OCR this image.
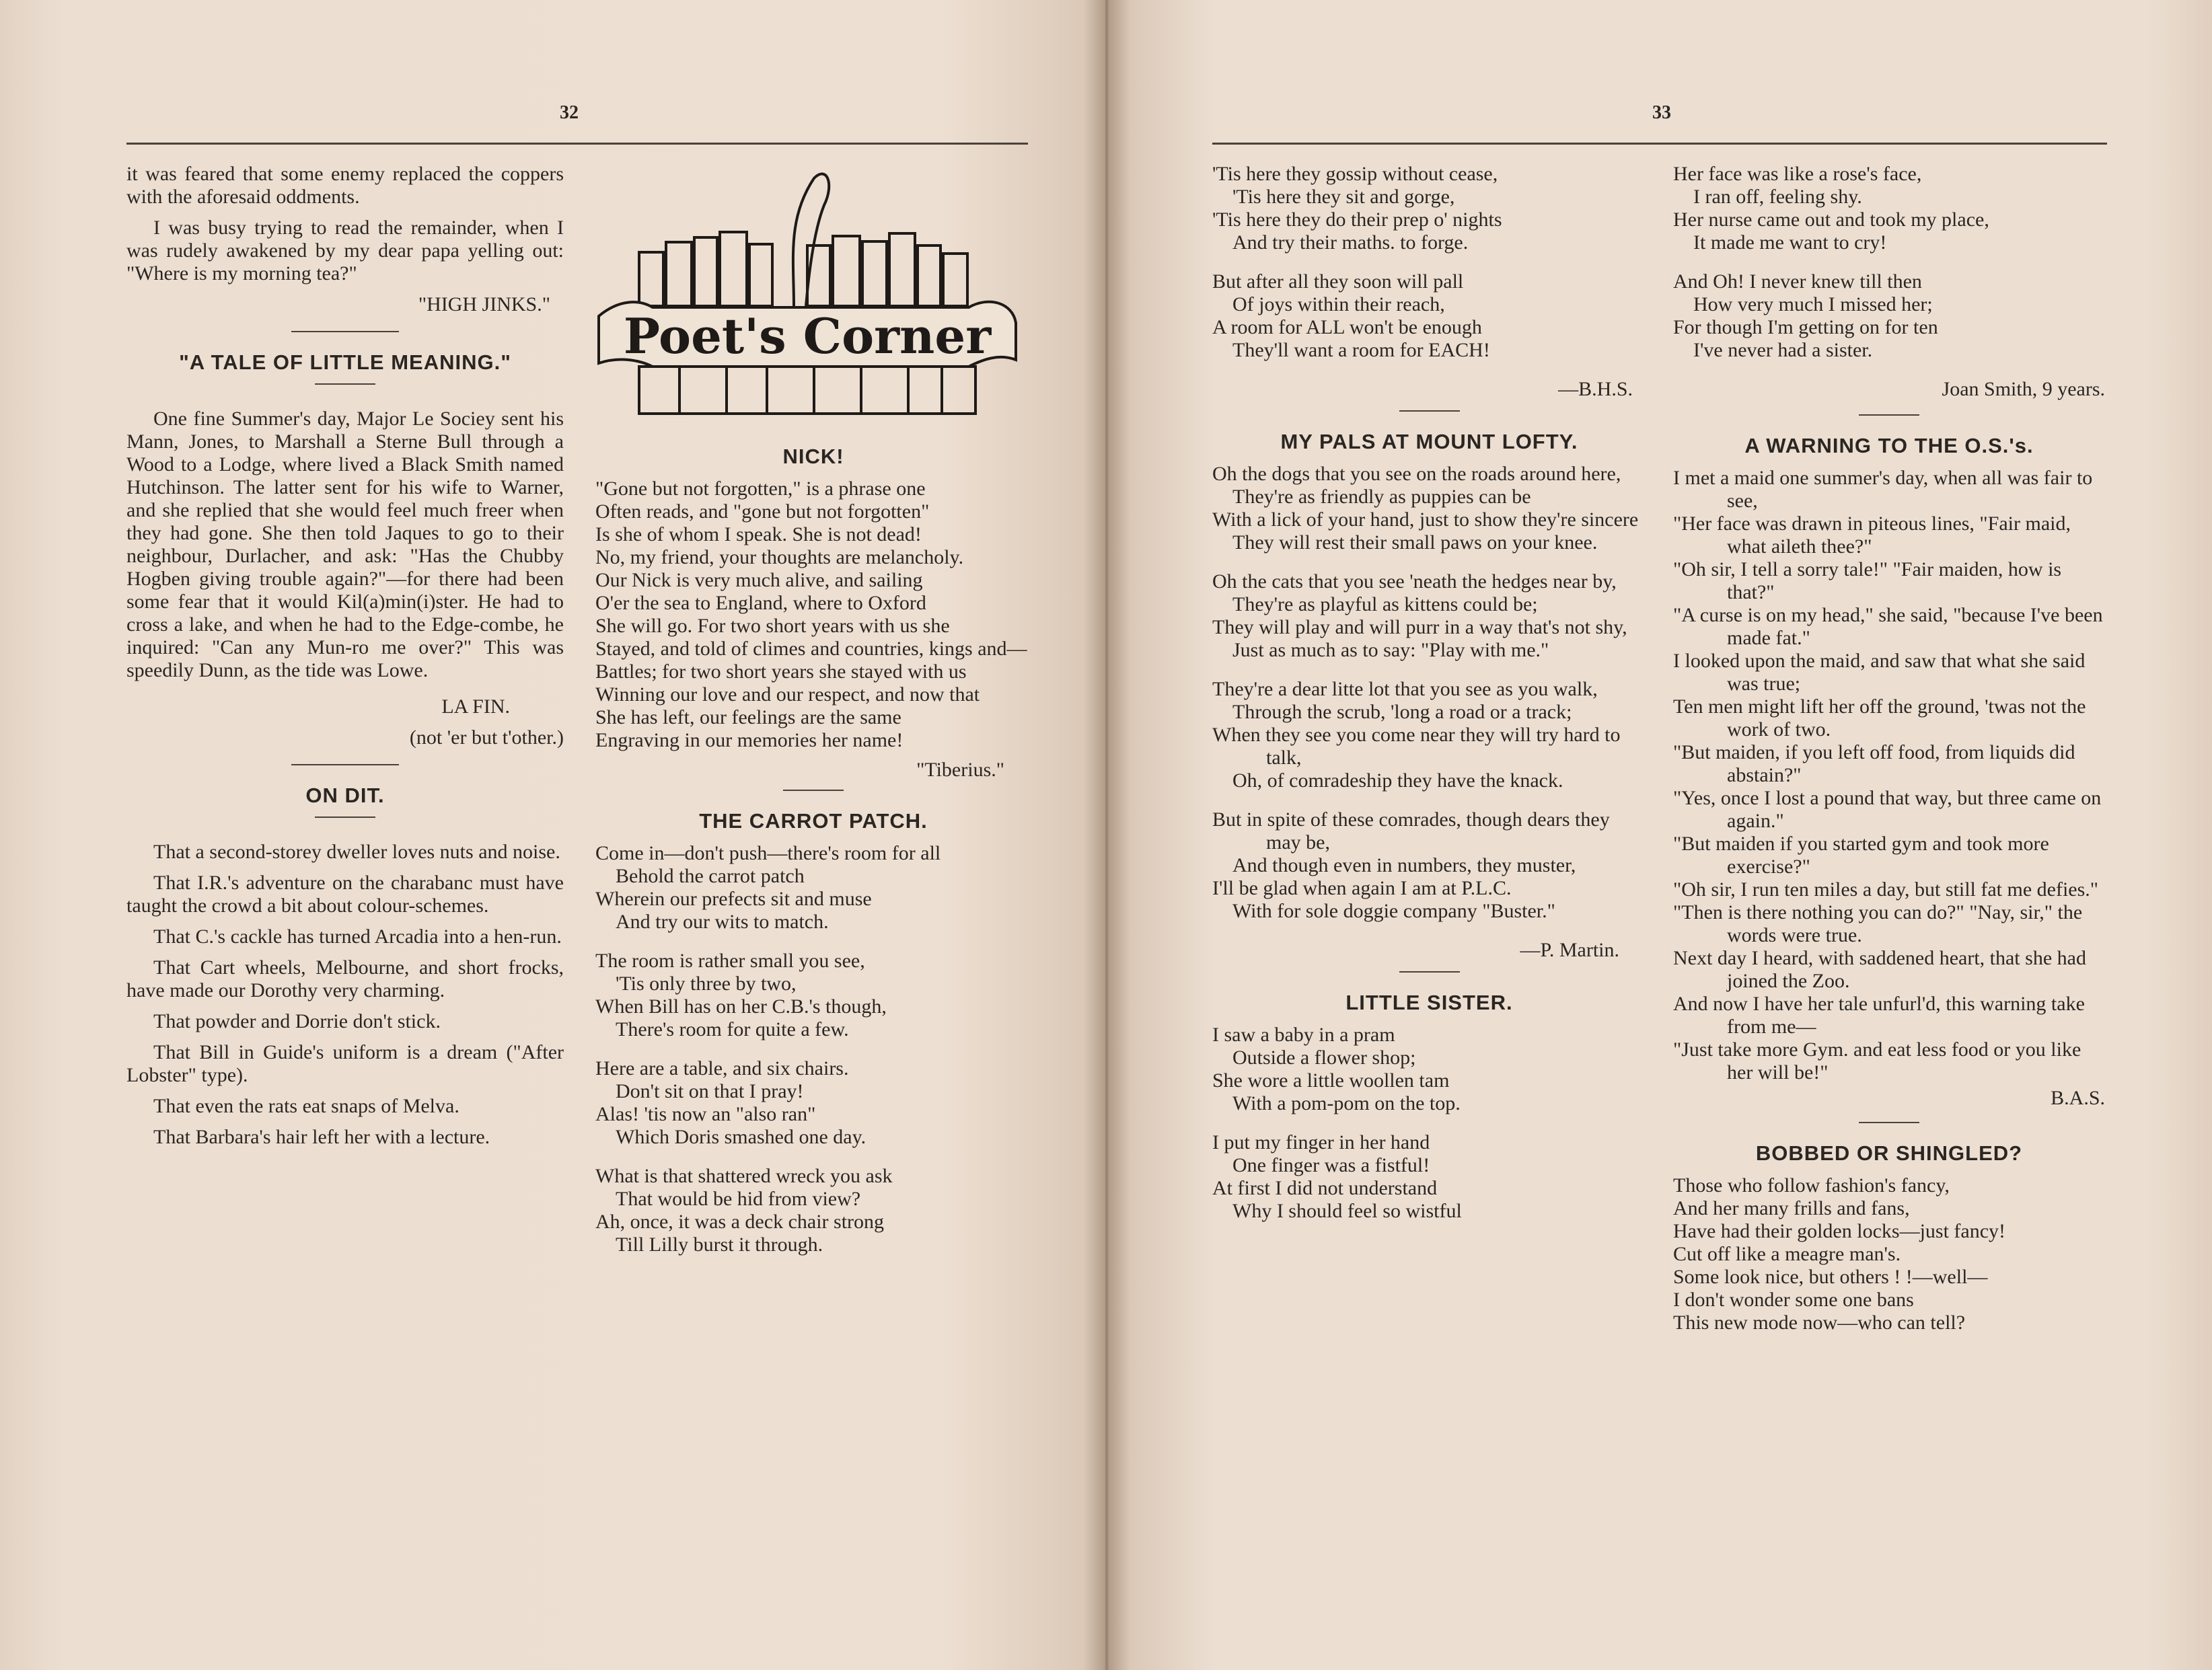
32

it was feared that some enemy replaced the coppers with the aforesaid oddments.

I was busy trying to read the remainder, when I was rudely awakened by my dear papa yelling out: "Where is my morning tea?"

"HIGH JINKS."

"A TALE OF LITTLE MEANING."

One fine Summer's day, Major Le Sociey sent his Mann, Jones, to Marshall a Sterne Bull through a Wood to a Lodge, where lived a Black Smith named Hutchinson. The latter sent for his wife to Warner, and she replied that she would feel much freer when they had gone. She then told Jaques to go to their neighbour, Durlacher, and ask: "Has the Chubby Hogben giving trouble again?"—for there had been some fear that it would Kil(a)min(i)ster. He had to cross a lake, and when he had to the Edge-combe, he inquired: "Can any Mun-ro me over?" This was speedily Dunn, as the tide was Lowe.

LA FIN.

(not 'er but t'other.)

ON DIT.

That a second-storey dweller loves nuts and noise.

That I.R.'s adventure on the charabanc must have taught the crowd a bit about colour-schemes.

That C.'s cackle has turned Arcadia into a hen-run.

That Cart wheels, Melbourne, and short frocks, have made our Dorothy very charming.

That powder and Dorrie don't stick.

That Bill in Guide's uniform is a dream ("After Lobster" type).

That even the rats eat snaps of Melva.

That Barbara's hair left her with a lecture.

Poet's Corner
NICK!
"Gone but not forgotten," is a phrase one
Often reads, and "gone but not forgotten"
Is she of whom I speak. She is not dead!
No, my friend, your thoughts are melancholy.
Our Nick is very much alive, and sailing
O'er the sea to England, where to Oxford
She will go. For two short years with us she
Stayed, and told of climes and countries, kings and—
Battles; for two short years she stayed with us
Winning our love and our respect, and now that
She has left, our feelings are the same
Engraving in our memories her name!

"Tiberius."

THE CARROT PATCH.
Come in—don't push—there's room for all
Behold the carrot patch
Wherein our prefects sit and muse
And try our wits to match.
The room is rather small you see,
'Tis only three by two,
When Bill has on her C.B.'s though,
There's room for quite a few.
Here are a table, and six chairs.
Don't sit on that I pray!
Alas! 'tis now an "also ran"
Which Doris smashed one day.
What is that shattered wreck you ask
That would be hid from view?
Ah, once, it was a deck chair strong
Till Lilly burst it through.
33
'Tis here they gossip without cease,
'Tis here they sit and gorge,
'Tis here they do their prep o' nights
And try their maths. to forge.
But after all they soon will pall
Of joys within their reach,
A room for ALL won't be enough
They'll want a room for EACH!
—B.H.S.
MY PALS AT MOUNT LOFTY.
Oh the dogs that you see on the roads around here,
They're as friendly as puppies can be
With a lick of your hand, just to show they're sincere
They will rest their small paws on your knee.
Oh the cats that you see 'neath the hedges near by,
They're as playful as kittens could be;
They will play and will purr in a way that's not shy,
Just as much as to say: "Play with me."
They're a dear litte lot that you see as you walk,
Through the scrub, 'long a road or a track;
When they see you come near they will try hard to talk,
Oh, of comradeship they have the knack.
But in spite of these comrades, though dears they may be,
And though even in numbers, they muster,
I'll be glad when again I am at P.L.C.
With for sole doggie company "Buster."
—P. Martin.
LITTLE SISTER.
I saw a baby in a pram
Outside a flower shop;
She wore a little woollen tam
With a pom-pom on the top.
I put my finger in her hand
One finger was a fistful!
At first I did not understand
Why I should feel so wistful
Her face was like a rose's face,
I ran off, feeling shy.
Her nurse came out and took my place,
It made me want to cry!
And Oh! I never knew till then
How very much I missed her;
For though I'm getting on for ten
I've never had a sister.
Joan Smith, 9 years.
A WARNING TO THE O.S.'s.
I met a maid one summer's day, when all was fair to see,
"Her face was drawn in piteous lines, "Fair maid, what aileth thee?"
"Oh sir, I tell a sorry tale!" "Fair maiden, how is that?"
"A curse is on my head," she said, "because I've been made fat."
I looked upon the maid, and saw that what she said was true;
Ten men might lift her off the ground, 'twas not the work of two.
"But maiden, if you left off food, from liquids did abstain?"
"Yes, once I lost a pound that way, but three came on again."
"But maiden if you started gym and took more exercise?"
"Oh sir, I run ten miles a day, but still fat me defies."
"Then is there nothing you can do?" "Nay, sir," the words were true.
Next day I heard, with saddened heart, that she had joined the Zoo.
And now I have her tale unfurl'd, this warning take from me—
"Just take more Gym. and eat less food or you like her will be!"
B.A.S.
BOBBED OR SHINGLED?
Those who follow fashion's fancy,
And her many frills and fans,
Have had their golden locks—just fancy!
Cut off like a meagre man's.
Some look nice, but others ! !—well—
I don't wonder some one bans
This new mode now—who can tell?
